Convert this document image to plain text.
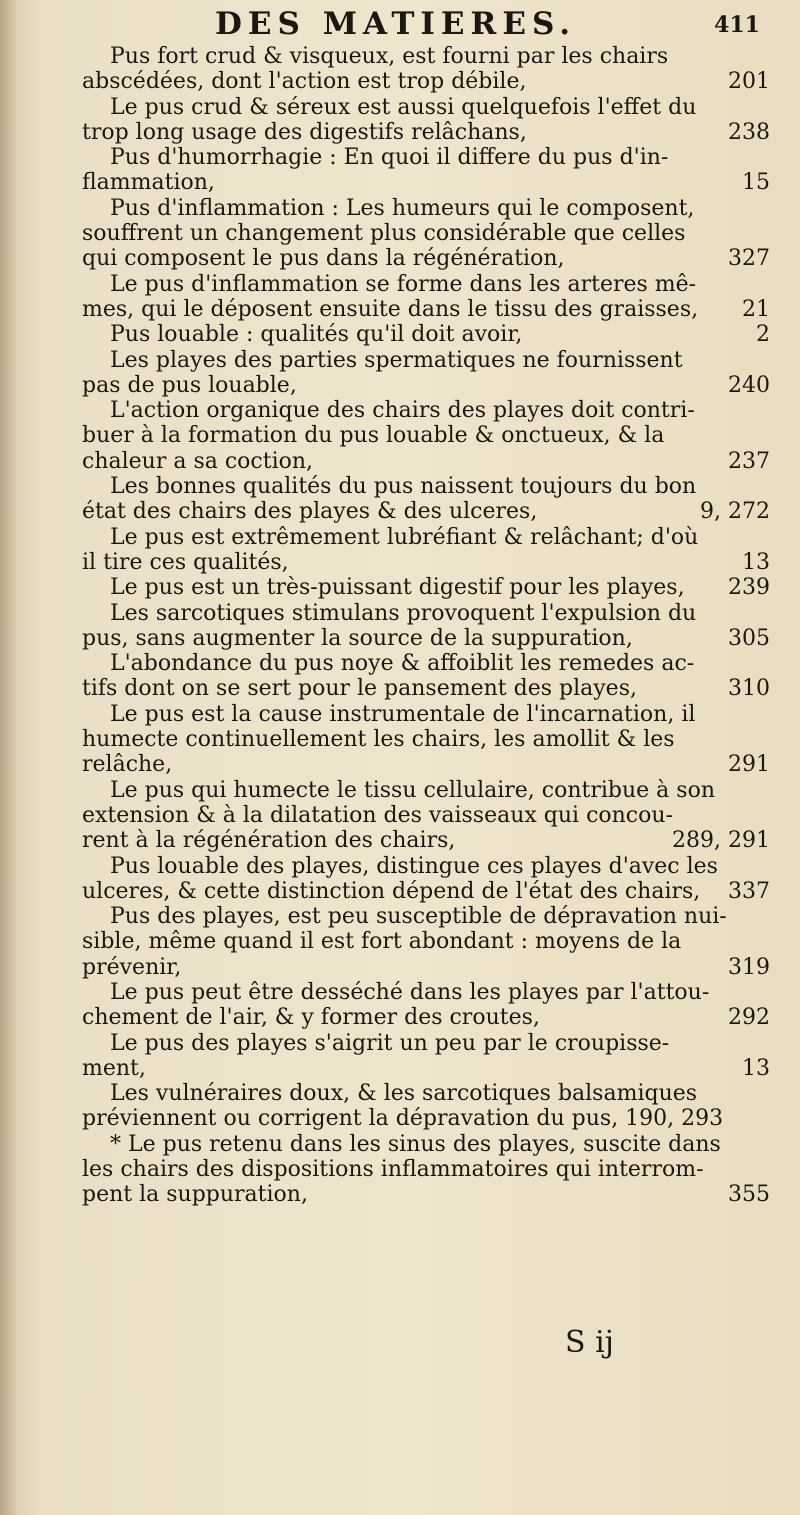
DES MATIERES.	411
Pus fort crud & visqueux, est fourni par les chairs
201
abscédées, dont l'action est trop débile,
Le pus crud & séreux est aussi quelquefois l'effet du
238
trop long usage des digestifs relâchans,
Pus d'humorrhagie : En quoi il differe du pus d'in-
15
flammation,
Pus d'inflammation : Les humeurs qui le composent,
souffrent un changement plus considérable que celles
327
qui composent le pus dans la régénération,
Le pus d'inflammation se forme dans les arteres mê-
21
mes, qui le déposent ensuite dans le tissu des graisses,
2
Pus louable : qualités qu'il doit avoir,
Les playes des parties spermatiques ne fournissent
240
pas de pus louable,
L'action organique des chairs des playes doit contri-
buer à la formation du pus louable & onctueux, & la
237
chaleur a sa coction,
Les bonnes qualités du pus naissent toujours du bon
9, 272
état des chairs des playes & des ulceres,
Le pus est extrêmement lubréfiant & relâchant; d'où
13
il tire ces qualités,
239
Le pus est un très-puissant digestif pour les playes,
Les sarcotiques stimulans provoquent l'expulsion du
305
pus, sans augmenter la source de la suppuration,
L'abondance du pus noye & affoiblit les remedes ac-
310
tifs dont on se sert pour le pansement des playes,
Le pus est la cause instrumentale de l'incarnation, il
humecte continuellement les chairs, les amollit & les
291
relâche,
Le pus qui humecte le tissu cellulaire, contribue à son
extension & à la dilatation des vaisseaux qui concou-
289, 291
rent à la régénération des chairs,
Pus louable des playes, distingue ces playes d'avec les
337
ulceres, & cette distinction dépend de l'état des chairs,
Pus des playes, est peu susceptible de dépravation nui-
sible, même quand il est fort abondant : moyens de la
319
prévenir,
Le pus peut être desséché dans les playes par l'attou-
292
chement de l'air, & y former des croutes,
Le pus des playes s'aigrit un peu par le croupisse-
13
ment,
Les vulnéraires doux, & les sarcotiques balsamiques
préviennent ou corrigent la dépravation du pus, 190, 293
* Le pus retenu dans les sinus des playes, suscite dans
les chairs des dispositions inflammatoires qui interrom-
355
pent la suppuration,
S ij
